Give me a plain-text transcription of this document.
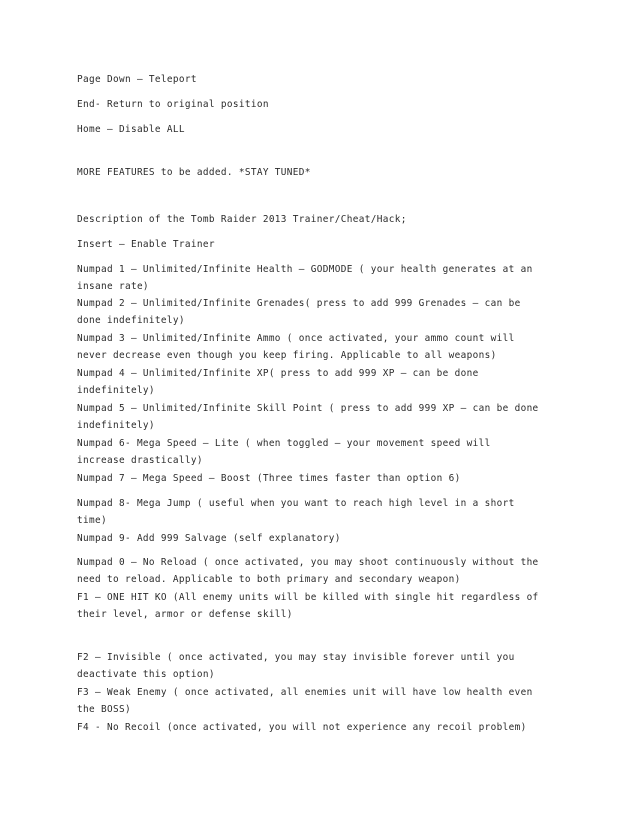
Page Down – Teleport

End- Return to original position

Home – Disable ALL

MORE FEATURES to be added. *STAY TUNED*

Description of the Tomb Raider 2013 Trainer/Cheat/Hack;

Insert – Enable Trainer

Numpad 1 – Unlimited/Infinite Health – GODMODE ( your health generates at an
insane rate)

Numpad 2 – Unlimited/Infinite Grenades( press to add 999 Grenades – can be
done indefinitely)

Numpad 3 – Unlimited/Infinite Ammo ( once activated, your ammo count will
never decrease even though you keep firing. Applicable to all weapons)

Numpad 4 – Unlimited/Infinite XP( press to add 999 XP – can be done
indefinitely)

Numpad 5 – Unlimited/Infinite Skill Point ( press to add 999 XP – can be done
indefinitely)

Numpad 6- Mega Speed – Lite ( when toggled – your movement speed will
increase drastically)

Numpad 7 – Mega Speed – Boost (Three times faster than option 6)

Numpad 8- Mega Jump ( useful when you want to reach high level in a short
time)

Numpad 9- Add 999 Salvage (self explanatory)

Numpad 0 – No Reload ( once activated, you may shoot continuously without the
need to reload. Applicable to both primary and secondary weapon)

F1 – ONE HIT KO (All enemy units will be killed with single hit regardless of
their level, armor or defense skill)

F2 – Invisible ( once activated, you may stay invisible forever until you
deactivate this option)

F3 – Weak Enemy ( once activated, all enemies unit will have low health even
the BOSS)

F4 - No Recoil (once activated, you will not experience any recoil problem)
